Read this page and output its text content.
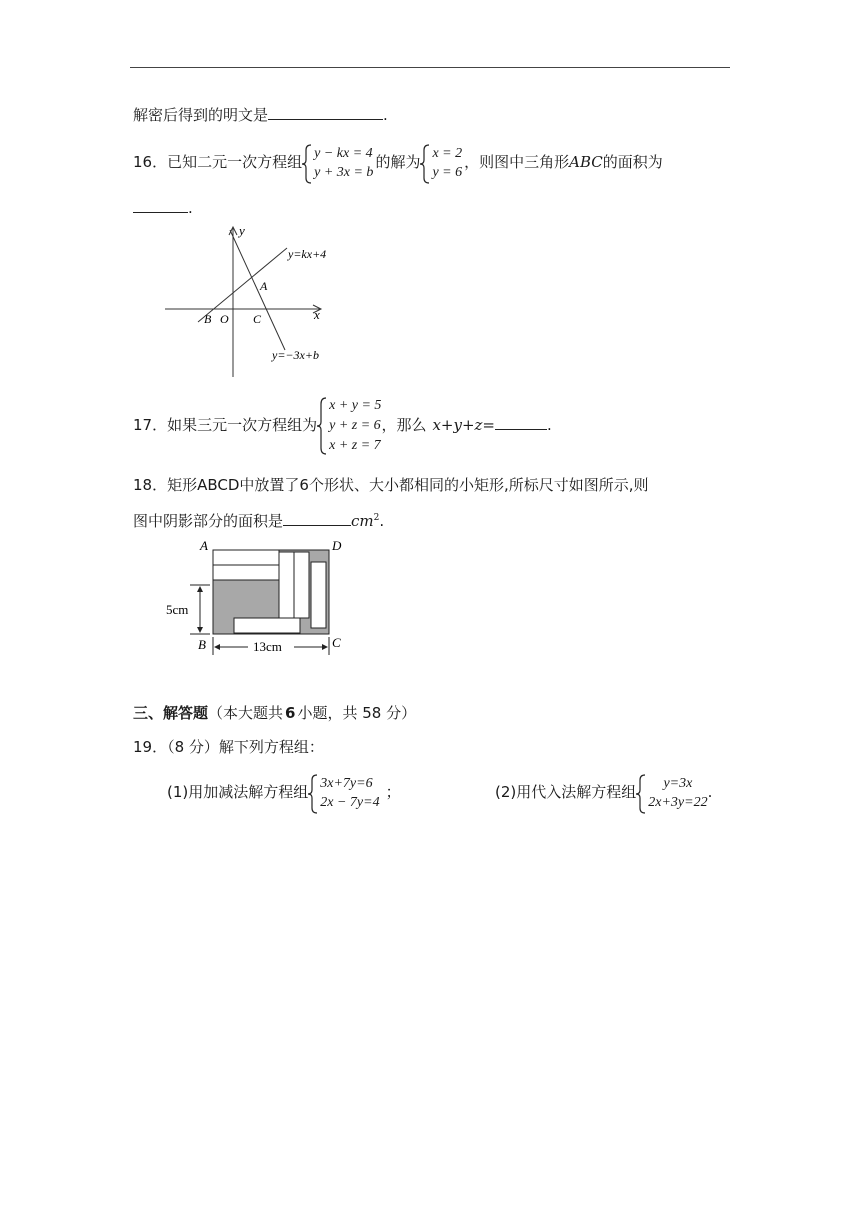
解密后得到的明文是	.
16．已知二元一次方程组 y − kx = 4
y + 3x = b
的解为 x = 2
y = 6
，则图中三角形ABC的面积为
.
y
x
y=kx+4
y=−3x+b
A
B O C
17．如果三元一次方程组为
x + y = 5
y + z = 6
x + z = 7
，那么 x+y+z=	.
18．矩形ABCD中放置了6个形状、大小都相同的小矩形,所标尺寸如图所示,则
图中阴影部分的面积是	$cm^2$.
A	D
B	C
5cm
13cm
三、解答题（本大题共 6 小题，共 58 分）
19．（8 分）解下列方程组：
(1)用加减法解方程组 3x+7y=6
2x − 7y=4
；	(2)用代入法解方程组	y=3x
2x+3y=22
.
